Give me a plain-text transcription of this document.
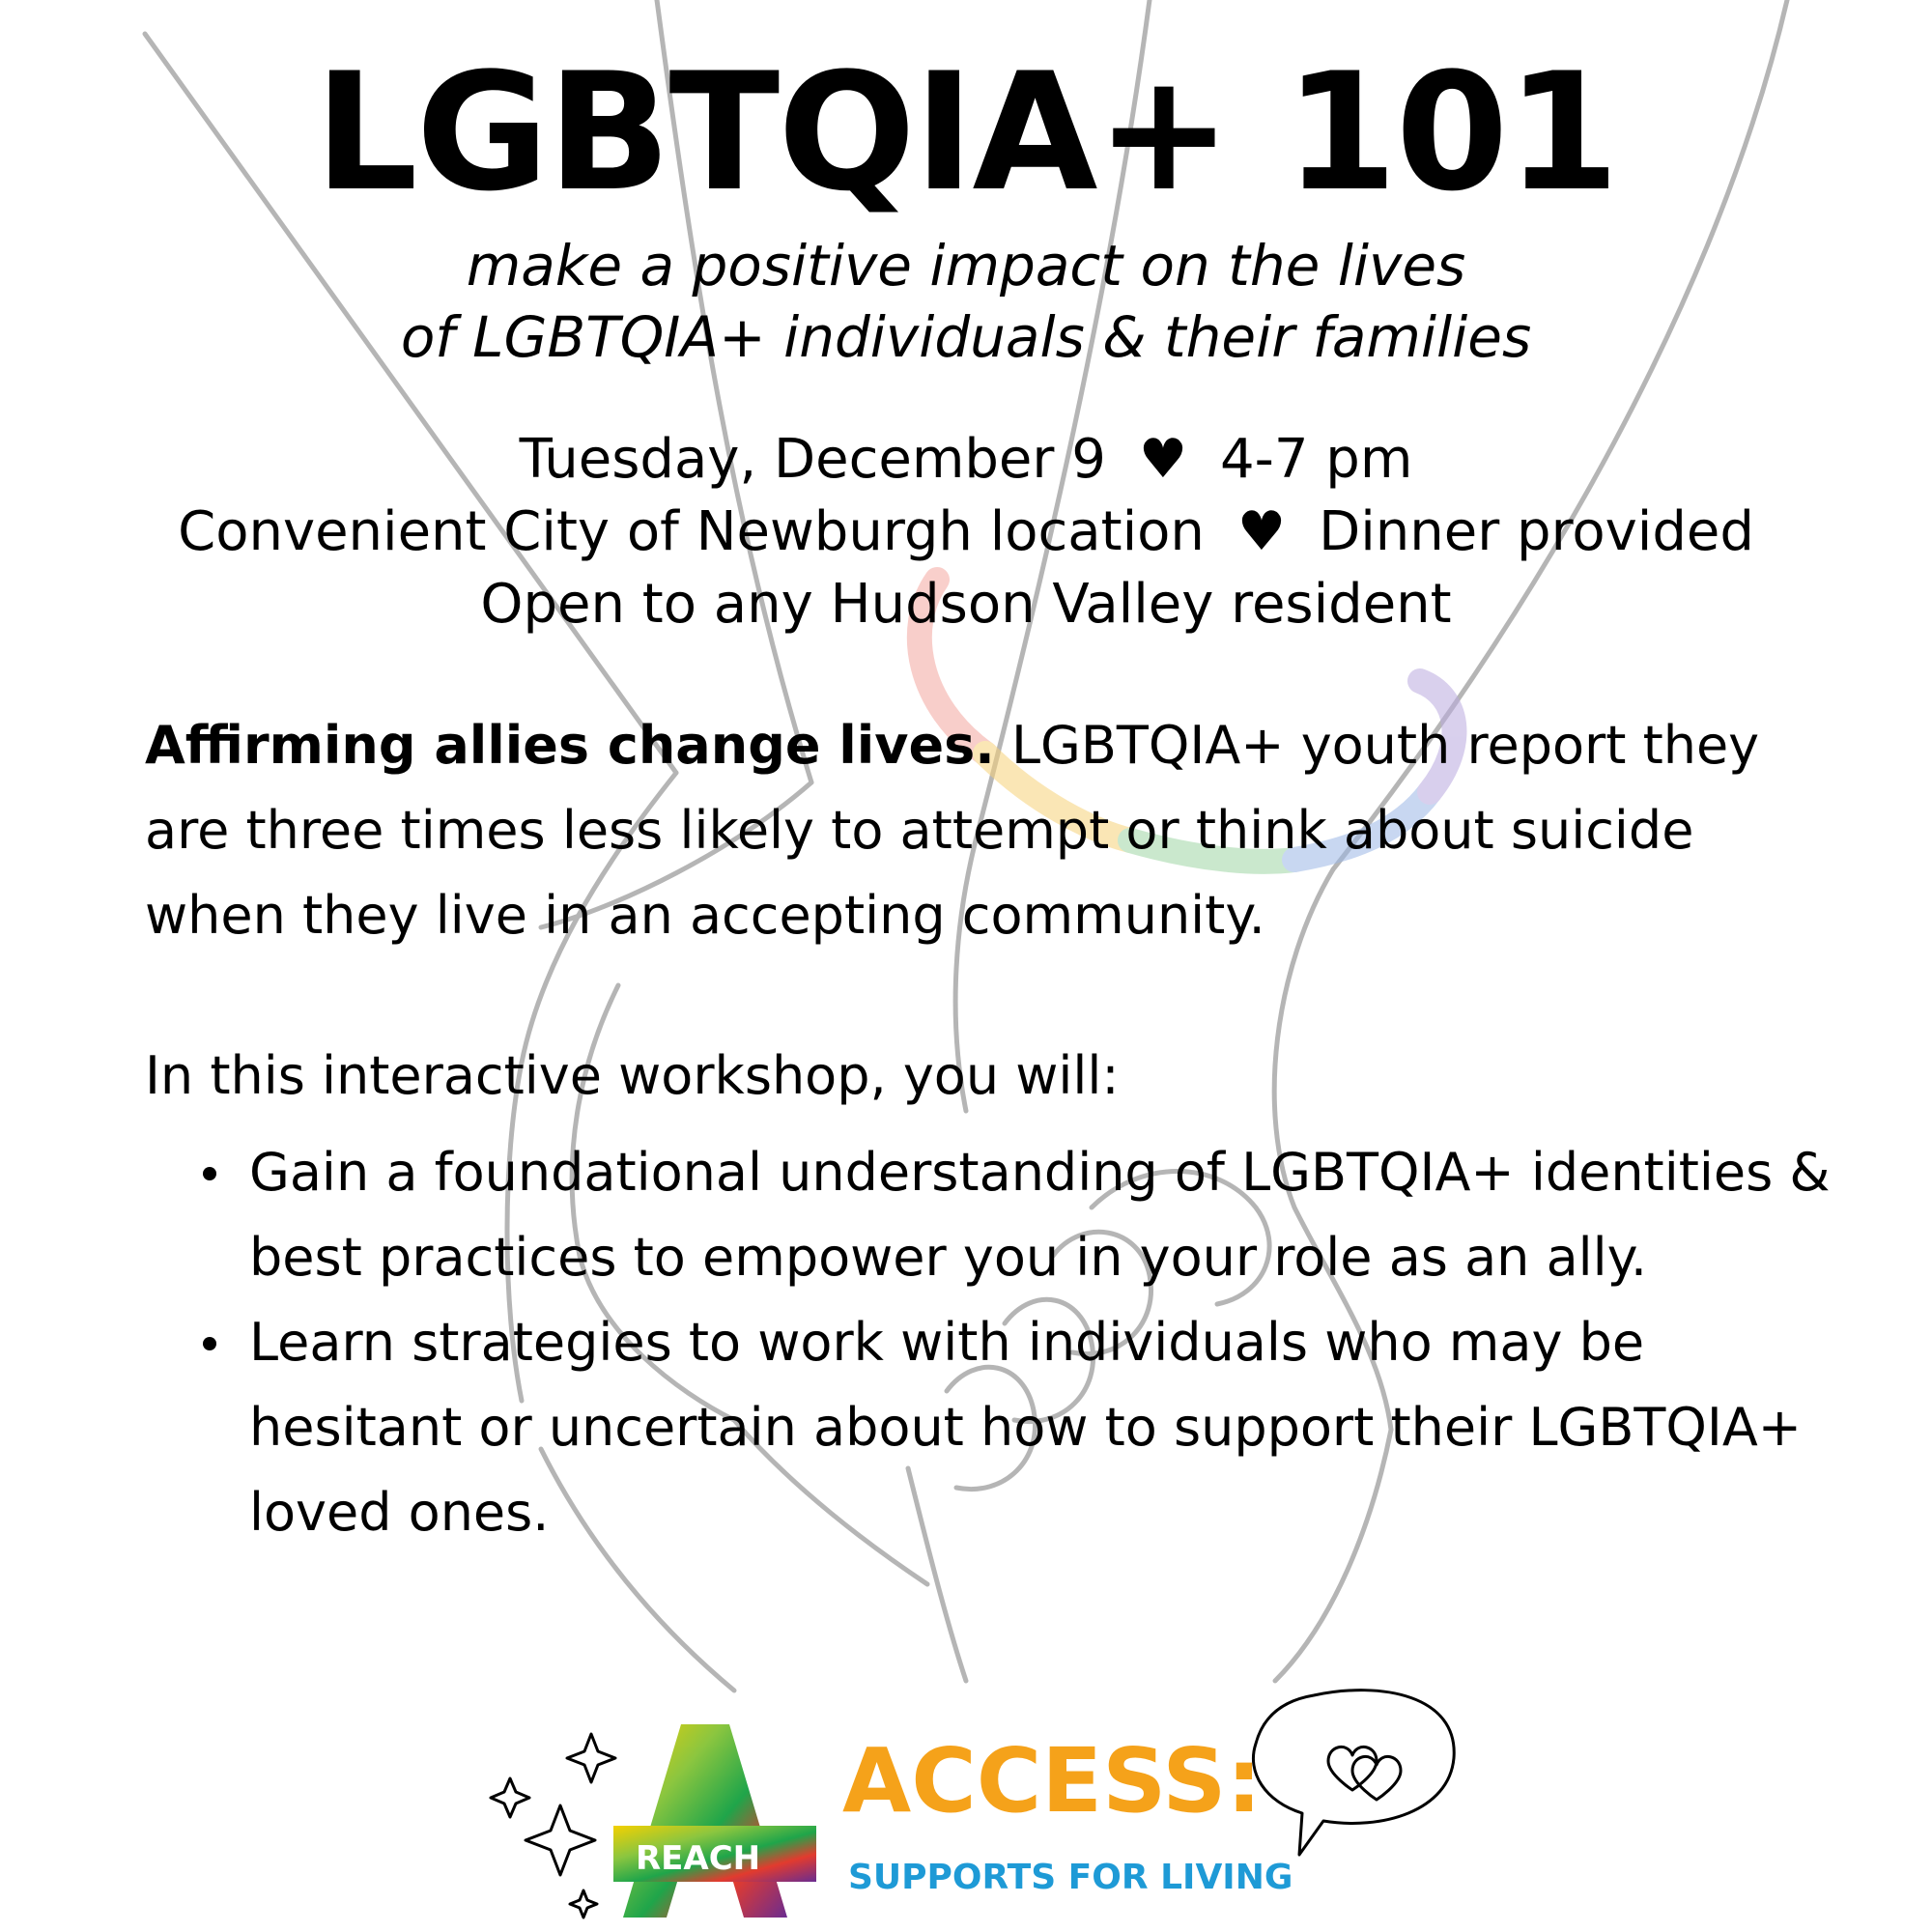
LGBTQIA+ 101
make a positive impact on the lives
of LGBTQIA+ individuals & their families
Tuesday, December 9 ♥ 4-7 pm
Convenient City of Newburgh location ♥ Dinner provided
Open to any Hudson Valley resident
Affirming allies change lives. LGBTQIA+ youth report they are three times less likely to attempt or think about suicide when they live in an accepting community.
In this interactive workshop, you will:
Gain a foundational understanding of LGBTQIA+ identities & best practices to empower you in your role as an ally.
Learn strategies to work with individuals who may be hesitant or uncertain about how to support their LGBTQIA+ loved ones.
REACH
ACCESS:
SUPPORTS FOR LIVING
